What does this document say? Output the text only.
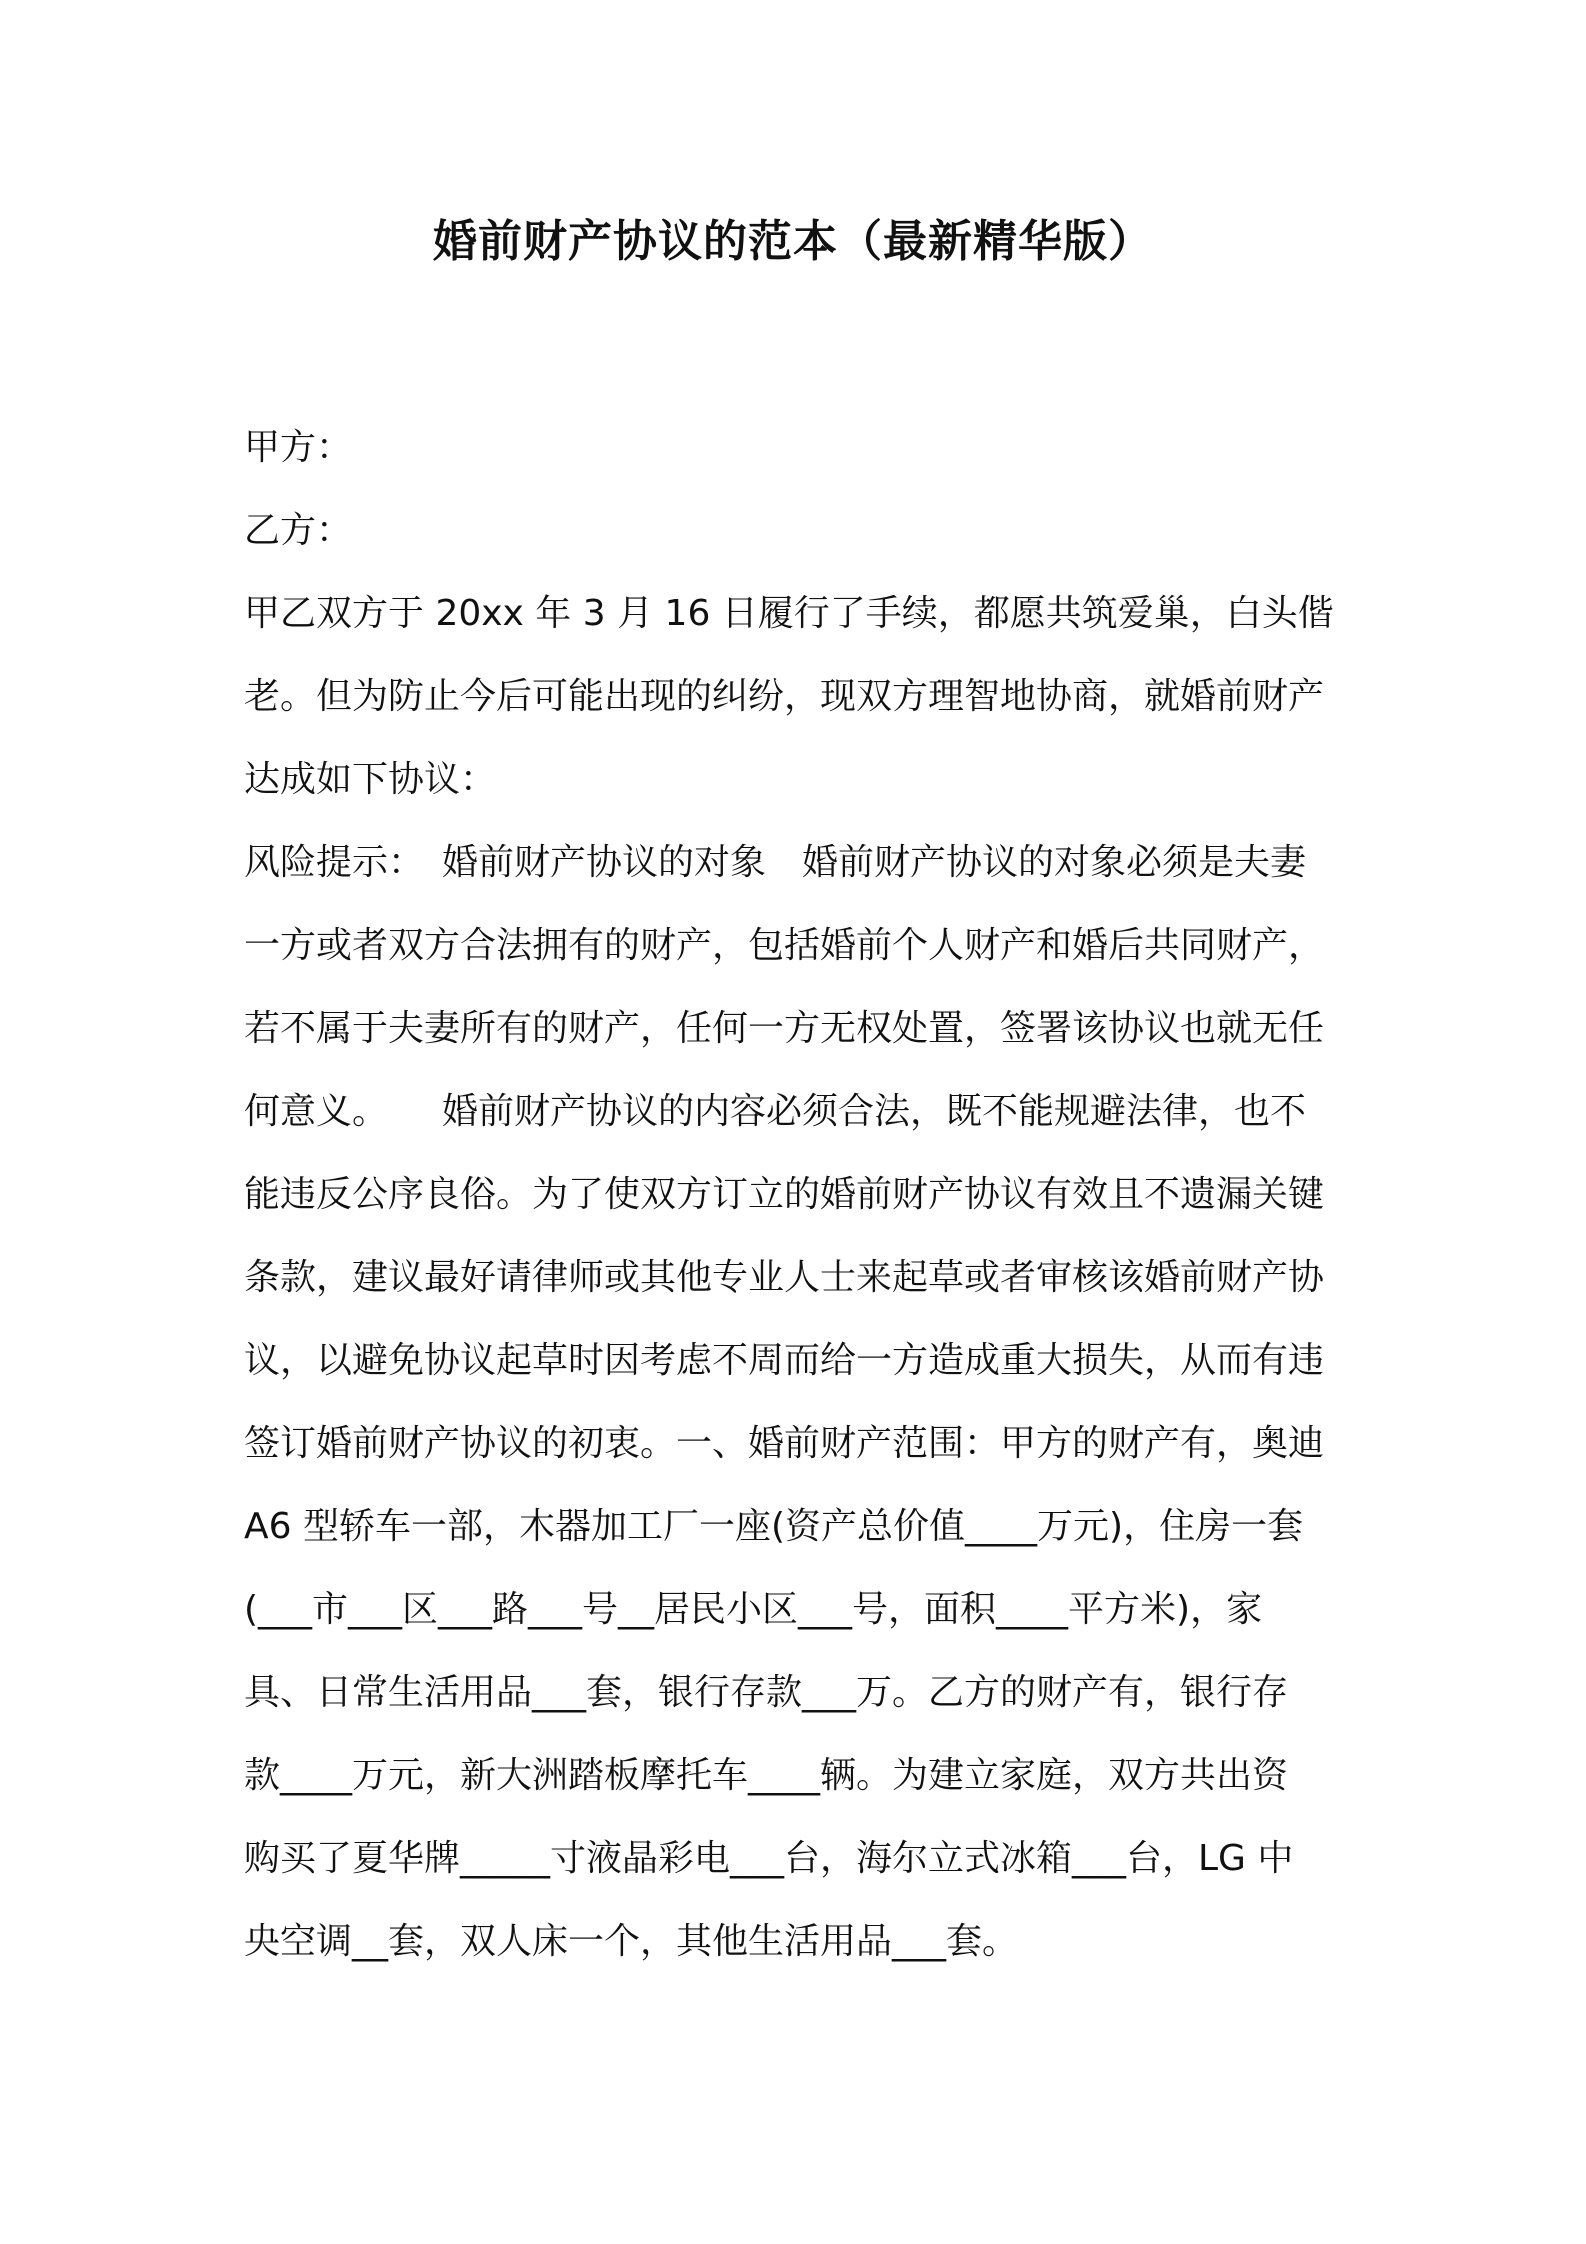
婚前财产协议的范本（最新精华版）

甲方：

乙方：

甲乙双方于 20xx 年 3 月 16 日履行了手续，都愿共筑爱巢，白头偕

老。但为防止今后可能出现的纠纷，现双方理智地协商，就婚前财产

达成如下协议：

风险提示：　婚前财产协议的对象　婚前财产协议的对象必须是夫妻

一方或者双方合法拥有的财产，包括婚前个人财产和婚后共同财产，

若不属于夫妻所有的财产，任何一方无权处置，签署该协议也就无任

何意义。　　婚前财产协议的内容必须合法，既不能规避法律，也不

能违反公序良俗。为了使双方订立的婚前财产协议有效且不遗漏关键

条款，建议最好请律师或其他专业人士来起草或者审核该婚前财产协

议，以避免协议起草时因考虑不周而给一方造成重大损失，从而有违

签订婚前财产协议的初衷。一、婚前财产范围：甲方的财产有，奥迪

A6 型轿车一部，木器加工厂一座(资产总价值____万元)，住房一套

(___市___区___路___号__居民小区___号，面积____平方米)，家

具、日常生活用品___套，银行存款___万。乙方的财产有，银行存

款____万元，新大洲踏板摩托车____辆。为建立家庭，双方共出资

购买了夏华牌_____寸液晶彩电___台，海尔立式冰箱___台，LG 中

央空调__套，双人床一个，其他生活用品___套。
